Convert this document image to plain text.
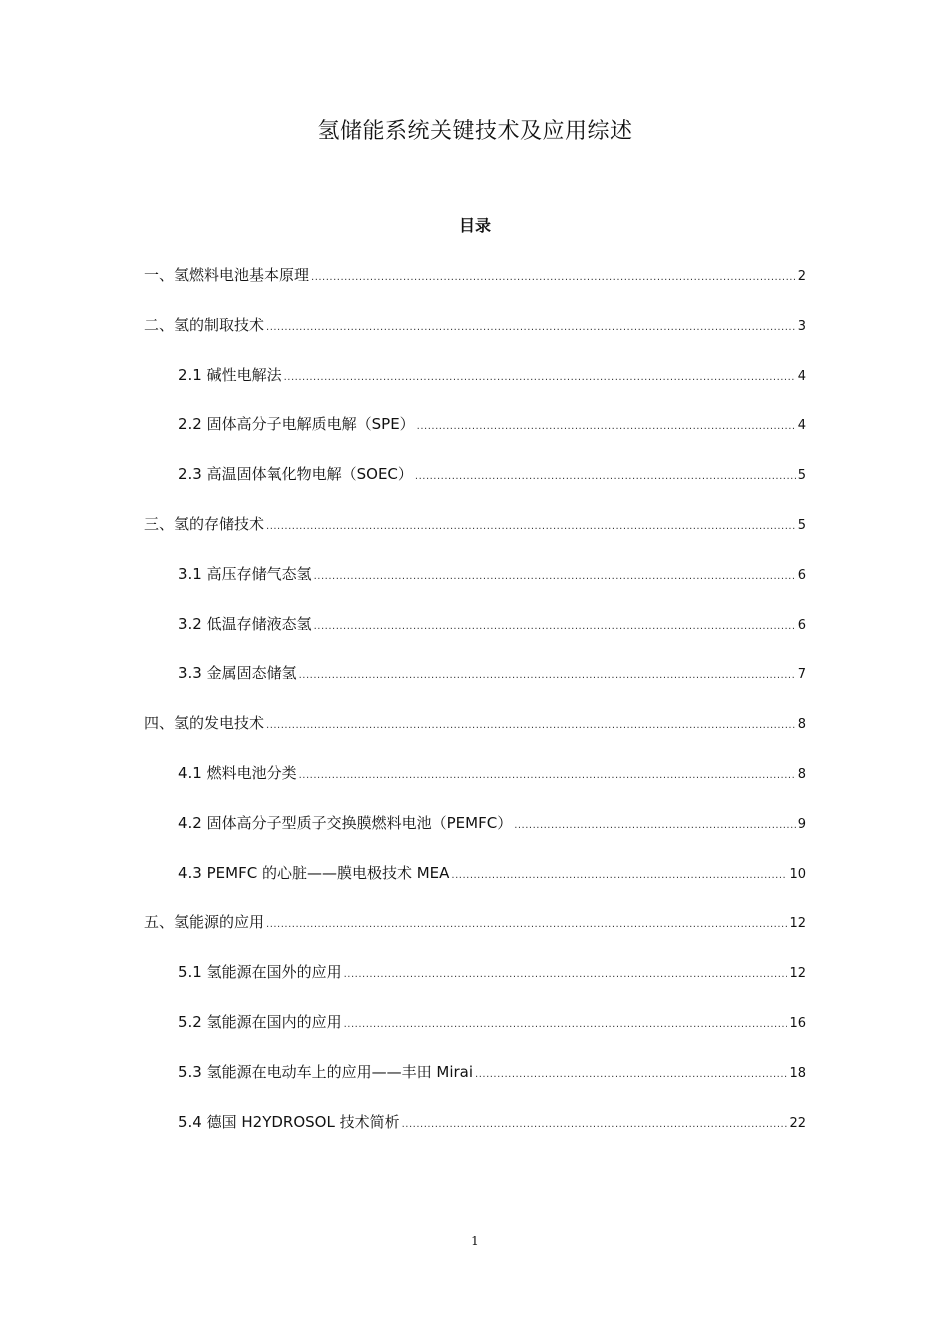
氢储能系统关键技术及应用综述
目录
一、氢燃料电池基本原理 .....	2
二、氢的制取技术 .....	3
2.1 碱性电解法 .....	4
2.2 固体高分子电解质电解（SPE） .....	4
2.3 高温固体氧化物电解（SOEC） .....	5
三、氢的存储技术 .....	5
3.1 高压存储气态氢 .....	6
3.2 低温存储液态氢 .....	6
3.3 金属固态储氢 .....	7
四、氢的发电技术 .....	8
4.1 燃料电池分类 .....	8
4.2 固体高分子型质子交换膜燃料电池（PEMFC） .....	9
4.3 PEMFC 的心脏——膜电极技术 MEA .....	10
五、氢能源的应用 .....	12
5.1 氢能源在国外的应用 .....	12
5.2 氢能源在国内的应用 .....	16
5.3 氢能源在电动车上的应用——丰田 Mirai .....	18
5.4 德国 H2YDROSOL 技术简析 .....	22
1
